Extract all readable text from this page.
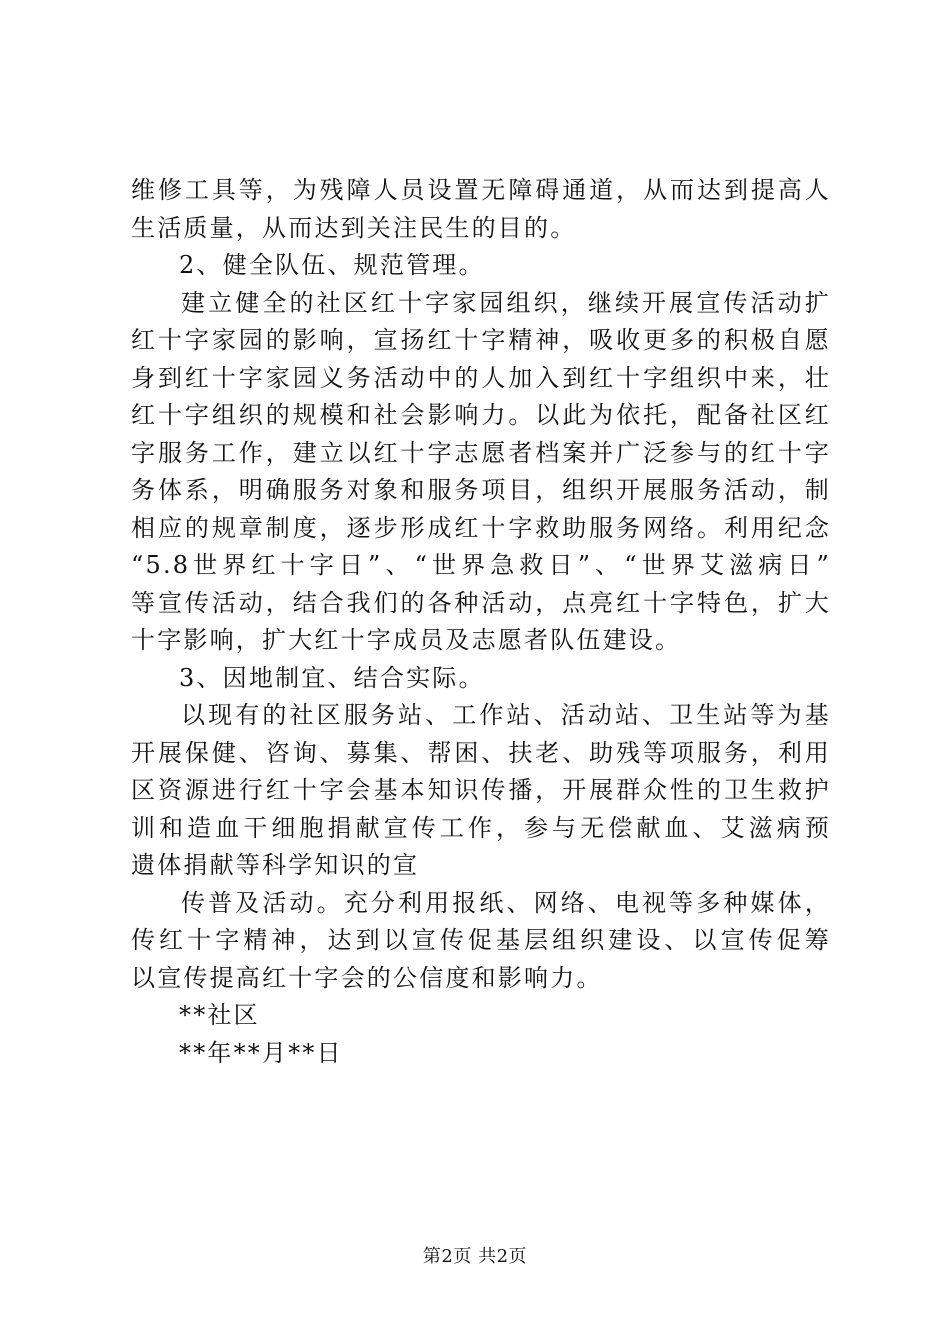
维修工具等，为残障人员设置无障碍通道，从而达到提高人
生活质量，从而达到关注民生的目的。
2、健全队伍、规范管理。
建立健全的社区红十字家园组织，继续开展宣传活动扩
红十字家园的影响，宣扬红十字精神，吸收更多的积极自愿
身到红十字家园义务活动中的人加入到红十字组织中来，壮
红十字组织的规模和社会影响力。以此为依托，配备社区红
字服务工作，建立以红十字志愿者档案并广泛参与的红十字
务体系，明确服务对象和服务项目，组织开展服务活动，制
相应的规章制度，逐步形成红十字救助服务网络。利用纪念
“5.8世界红十字日”、“世界急救日”、“世界艾滋病日”
等宣传活动，结合我们的各种活动，点亮红十字特色，扩大
十字影响，扩大红十字成员及志愿者队伍建设。
3、因地制宜、结合实际。
以现有的社区服务站、工作站、活动站、卫生站等为基
开展保健、咨询、募集、帮困、扶老、助残等项服务，利用
区资源进行红十字会基本知识传播，开展群众性的卫生救护
训和造血干细胞捐献宣传工作，参与无偿献血、艾滋病预
遗体捐献等科学知识的宣
传普及活动。充分利用报纸、网络、电视等多种媒体，
传红十字精神，达到以宣传促基层组织建设、以宣传促筹
以宣传提高红十字会的公信度和影响力。
**社区
**年**月**日
第2页 共2页
